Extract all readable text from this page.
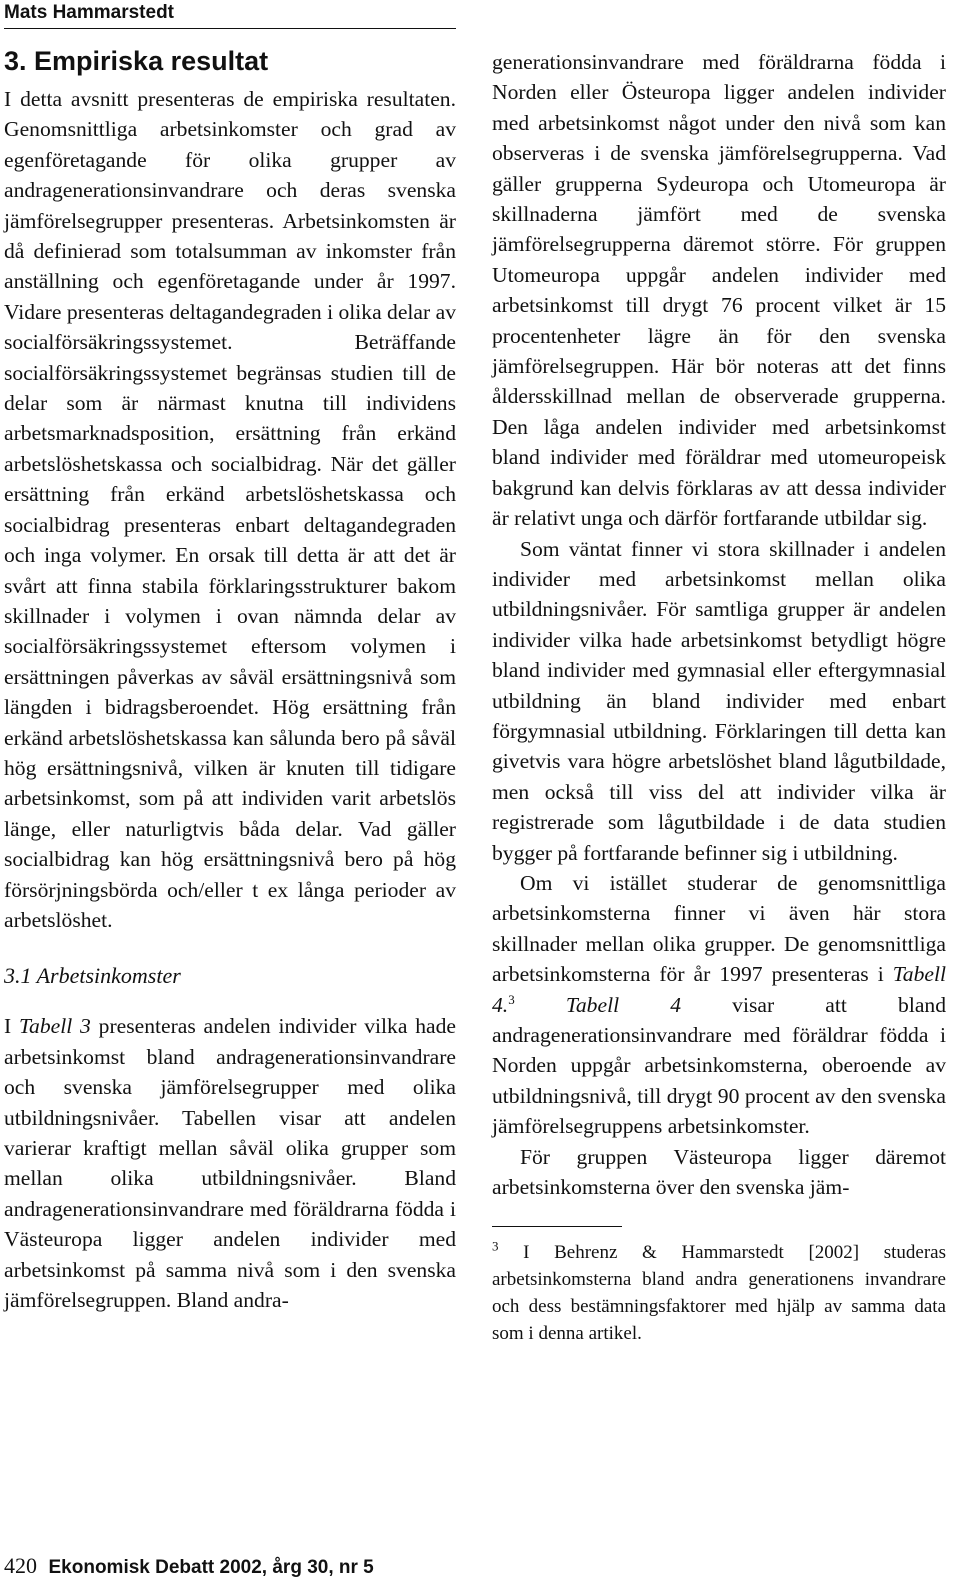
Mats Hammarstedt
3. Empiriska resultat

I detta avsnitt presenteras de empiriska resultaten. Genomsnittliga arbetsinkomster och grad av egenföretagande för olika grupper av andragenerationsinvandrare och deras svenska jämförelsegrupper presenteras. Arbetsinkomsten är då definierad som totalsumman av inkomster från anställning och egenföretagande under år 1997. Vidare presenteras deltagandegraden i olika delar av socialförsäkringssystemet. Beträffande socialförsäkringssystemet begränsas studien till de delar som är närmast knutna till individens arbetsmarknadsposition, ersättning från erkänd arbetslöshetskassa och socialbidrag. När det gäller ersättning från erkänd arbetslöshetskassa och socialbidrag presenteras enbart deltagandegraden och inga volymer. En orsak till detta är att det är svårt att finna stabila förklaringsstrukturer bakom skillnader i volymen i ovan nämnda delar av socialförsäkringssystemet eftersom volymen i ersättningen påverkas av såväl ersättningsnivå som längden i bidragsberoendet. Hög ersättning från erkänd arbetslöshetskassa kan sålunda bero på såväl hög ersättningsnivå, vilken är knuten till tidigare arbetsinkomst, som på att individen varit arbetslös länge, eller naturligtvis båda delar. Vad gäller socialbidrag kan hög ersättningsnivå bero på hög försörjningsbörda och/eller t ex långa perioder av arbetslöshet.

3.1 Arbetsinkomster

I Tabell 3 presenteras andelen individer vilka hade arbetsinkomst bland andragenerationsinvandrare och svenska jämförelsegrupper med olika utbildningsnivåer. Tabellen visar att andelen varierar kraftigt mellan såväl olika grupper som mellan olika utbildningsnivåer. Bland andragenerationsinvandrare med föräldrarna födda i Västeuropa ligger andelen individer med arbetsinkomst på samma nivå som i den svenska jämförelsegruppen. Bland andra-

generationsinvandrare med föräldrarna födda i Norden eller Östeuropa ligger andelen individer med arbetsinkomst något under den nivå som kan observeras i de svenska jämförelsegrupperna. Vad gäller grupperna Sydeuropa och Utomeuropa är skillnaderna jämfört med de svenska jämförelsegrupperna däremot större. För gruppen Utomeuropa uppgår andelen individer med arbetsinkomst till drygt 76 procent vilket är 15 procentenheter lägre än för den svenska jämförelsegruppen. Här bör noteras att det finns åldersskillnad mellan de observerade grupperna. Den låga andelen individer med arbetsinkomst bland individer med föräldrar med utomeuropeisk bakgrund kan delvis förklaras av att dessa individer är relativt unga och därför fortfarande utbildar sig.

Som väntat finner vi stora skillnader i andelen individer med arbetsinkomst mellan olika utbildningsnivåer. För samtliga grupper är andelen individer vilka hade arbetsinkomst betydligt högre bland individer med gymnasial eller eftergymnasial utbildning än bland individer med enbart förgymnasial utbildning. Förklaringen till detta kan givetvis vara högre arbetslöshet bland lågutbildade, men också till viss del att individer vilka är registrerade som lågutbildade i de data studien bygger på fortfarande befinner sig i utbildning.

Om vi istället studerar de genomsnittliga arbetsinkomsterna finner vi även här stora skillnader mellan olika grupper. De genomsnittliga arbetsinkomsterna för år 1997 presenteras i Tabell 4.$^3$ Tabell 4 visar att bland andragenerationsinvandrare med föräldrar födda i Norden uppgår arbetsinkomsterna, oberoende av utbildningsnivå, till drygt 90 procent av den svenska jämförelsegruppens arbetsinkomster.

För gruppen Västeuropa ligger däremot arbetsinkomsterna över den svenska jäm-

$^3$ I Behrenz & Hammarstedt [2002] studeras arbetsinkomsterna bland andra generationens invandrare och dess bestämningsfaktorer med hjälp av samma data som i denna artikel.

420 Ekonomisk Debatt 2002, årg 30, nr 5
